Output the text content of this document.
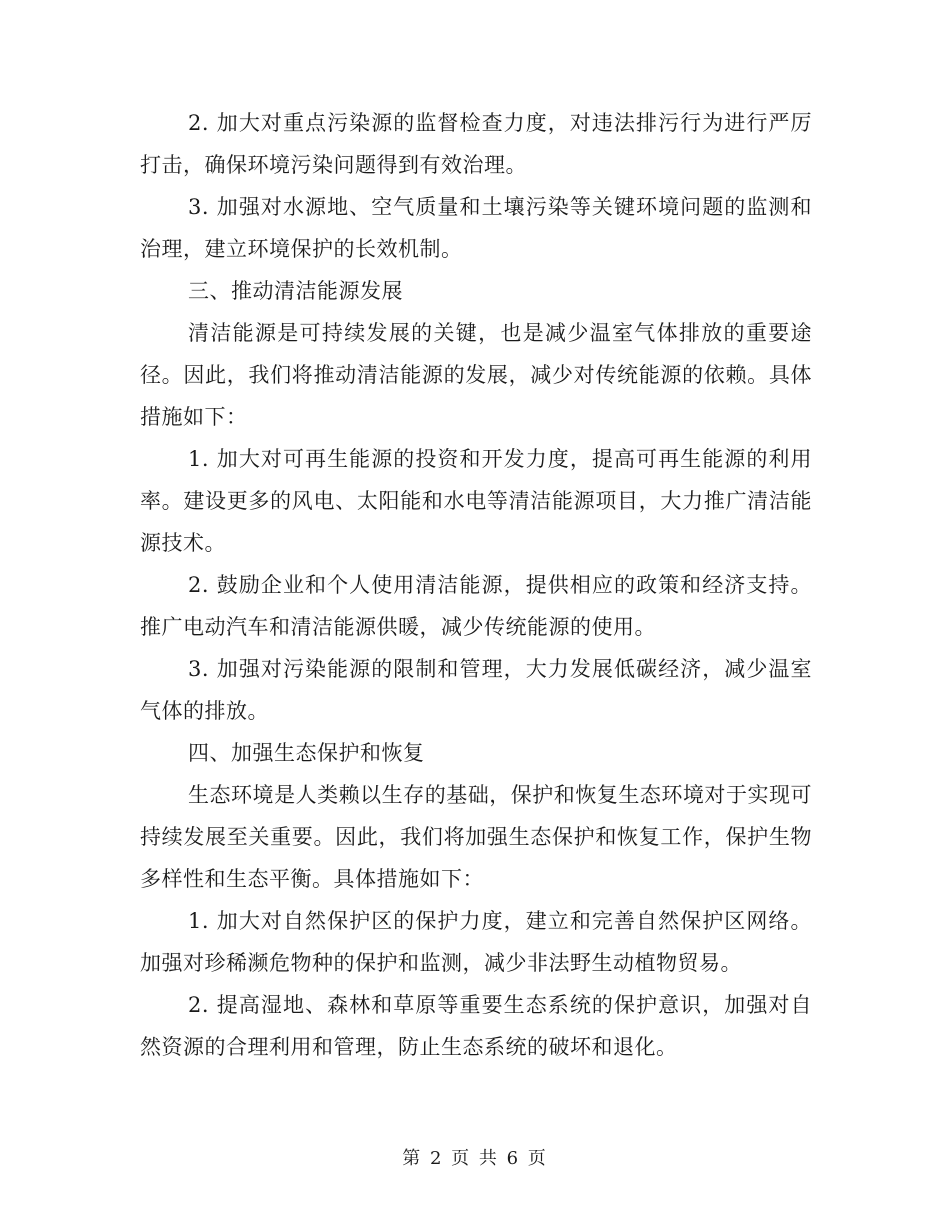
2. 加大对重点污染源的监督检查力度，对违法排污行为进行严厉打击，确保环境污染问题得到有效治理。

3. 加强对水源地、空气质量和土壤污染等关键环境问题的监测和治理，建立环境保护的长效机制。

三、推动清洁能源发展

清洁能源是可持续发展的关键，也是减少温室气体排放的重要途径。因此，我们将推动清洁能源的发展，减少对传统能源的依赖。具体措施如下：

1. 加大对可再生能源的投资和开发力度，提高可再生能源的利用率。建设更多的风电、太阳能和水电等清洁能源项目，大力推广清洁能源技术。

2. 鼓励企业和个人使用清洁能源，提供相应的政策和经济支持。推广电动汽车和清洁能源供暖，减少传统能源的使用。

3. 加强对污染能源的限制和管理，大力发展低碳经济，减少温室气体的排放。

四、加强生态保护和恢复

生态环境是人类赖以生存的基础，保护和恢复生态环境对于实现可持续发展至关重要。因此，我们将加强生态保护和恢复工作，保护生物多样性和生态平衡。具体措施如下：

1. 加大对自然保护区的保护力度，建立和完善自然保护区网络。加强对珍稀濒危物种的保护和监测，减少非法野生动植物贸易。

2. 提高湿地、森林和草原等重要生态系统的保护意识，加强对自然资源的合理利用和管理，防止生态系统的破坏和退化。

第 2 页 共 6 页
